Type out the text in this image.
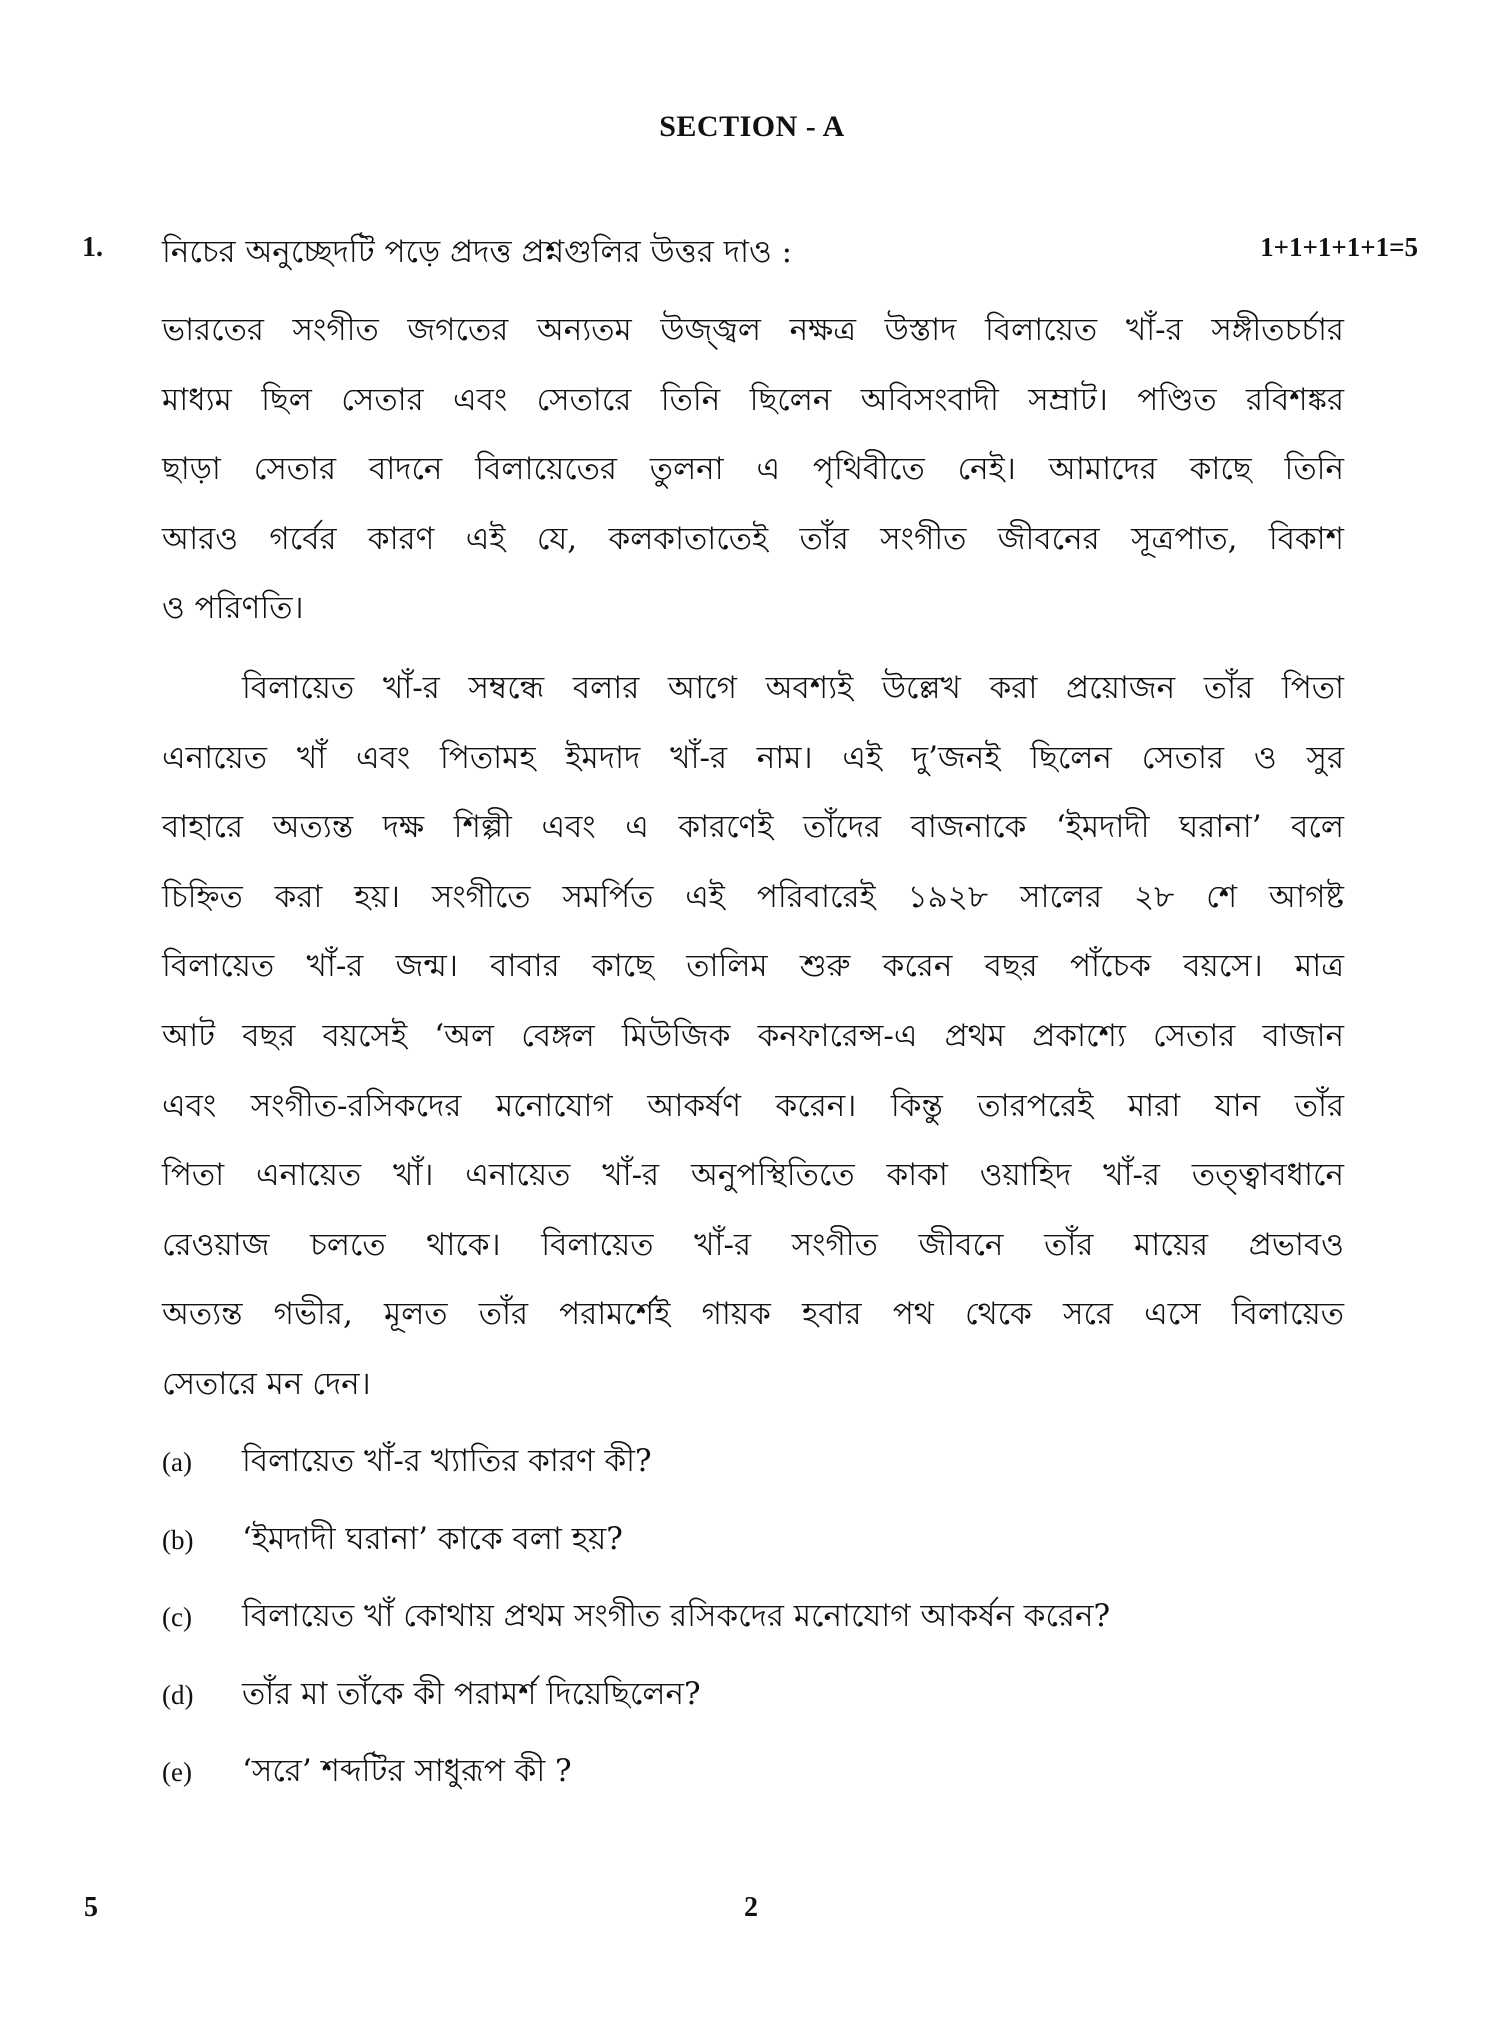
SECTION - A
1. নিচের অনুচ্ছেদটি পড়ে প্রদত্ত প্রশ্নগুলির উত্তর দাও :	1+1+1+1+1=5
ভারতের সংগীত জগতের অন্যতম উজ্জ্বল নক্ষত্র উস্তাদ বিলায়েত খাঁ-র সঙ্গীতচর্চার
মাধ্যম ছিল সেতার এবং সেতারে তিনি ছিলেন অবিসংবাদী সম্রাট। পণ্ডিত রবিশঙ্কর
ছাড়া সেতার বাদনে বিলায়েতের তুলনা এ পৃথিবীতে নেই। আমাদের কাছে তিনি
আরও গর্বের কারণ এই যে, কলকাতাতেই তাঁর সংগীত জীবনের সূত্রপাত, বিকাশ
ও পরিণতি।
বিলায়েত খাঁ-র সম্বন্ধে বলার আগে অবশ্যই উল্লেখ করা প্রয়োজন তাঁর পিতা
এনায়েত খাঁ এবং পিতামহ ইমদাদ খাঁ-র নাম। এই দু’জনই ছিলেন সেতার ও সুর
বাহারে অত্যন্ত দক্ষ শিল্পী এবং এ কারণেই তাঁদের বাজনাকে ‘ইমদাদী ঘরানা’ বলে
চিহ্নিত করা হয়। সংগীতে সমর্পিত এই পরিবারেই ১৯২৮ সালের ২৮ শে আগষ্ট
বিলায়েত খাঁ-র জন্ম। বাবার কাছে তালিম শুরু করেন বছর পাঁচেক বয়সে। মাত্র
আট বছর বয়সেই ‘অল বেঙ্গল মিউজিক কনফারেন্স-এ প্রথম প্রকাশ্যে সেতার বাজান
এবং সংগীত-রসিকদের মনোযোগ আকর্ষণ করেন। কিন্তু তারপরেই মারা যান তাঁর
পিতা এনায়েত খাঁ। এনায়েত খাঁ-র অনুপস্থিতিতে কাকা ওয়াহিদ খাঁ-র তত্ত্বাবধানে
রেওয়াজ চলতে থাকে। বিলায়েত খাঁ-র সংগীত জীবনে তাঁর মায়ের প্রভাবও
অত্যন্ত গভীর, মূলত তাঁর পরামর্শেই গায়ক হবার পথ থেকে সরে এসে বিলায়েত
সেতারে মন দেন।
(a) বিলায়েত খাঁ-র খ্যাতির কারণ কী?
(b) ‘ইমদাদী ঘরানা’ কাকে বলা হয়?
(c) বিলায়েত খাঁ কোথায় প্রথম সংগীত রসিকদের মনোযোগ আকর্ষন করেন?
(d) তাঁর মা তাঁকে কী পরামর্শ দিয়েছিলেন?
(e) ‘সরে’ শব্দটির সাধুরূপ কী ?
5	2
